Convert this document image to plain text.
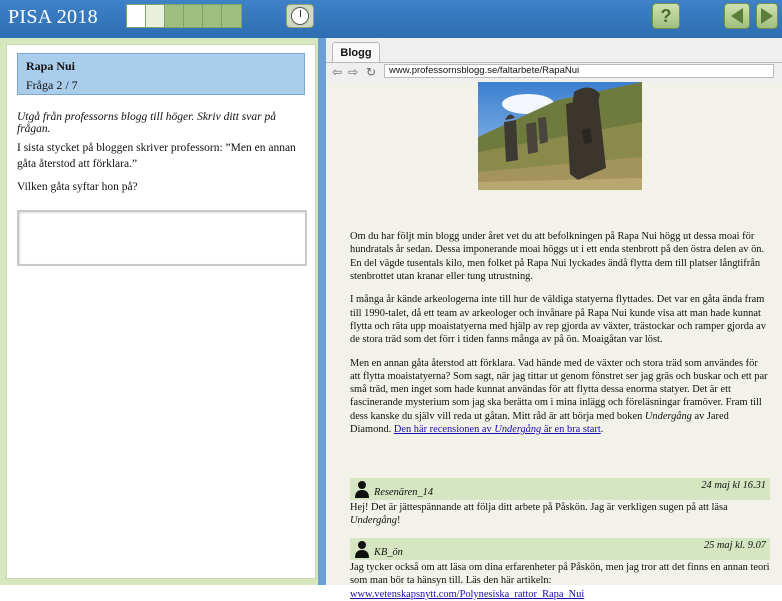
PISA 2018	?
Rapa Nui
Fråga 2 / 7
Utgå från professorns blogg till höger. Skriv ditt svar på frågan.
I sista stycket på bloggen skriver professorn: ”Men en annan gåta återstod att förklara.”
Vilken gåta syftar hon på?
Blogg
⇦ ⇨ ↻	www.professornsblogg.se/faltarbete/RapaNui

Om du har följt min blogg under året vet du att befolkningen på Rapa Nui högg ut dessa moai för hundratals år sedan. Dessa imponerande moai höggs ut i ett enda stenbrott på den östra delen av ön. En del vägde tusentals kilo, men folket på Rapa Nui lyckades ändå flytta dem till platser långtifrån stenbrottet utan kranar eller tung utrustning.

I många år kände arkeologerna inte till hur de väldiga statyerna flyttades. Det var en gåta ända fram till 1990-talet, då ett team av arkeologer och invånare på Rapa Nui kunde visa att man hade kunnat flytta och räta upp moaistatyerna med hjälp av rep gjorda av växter, trästockar och ramper gjorda av de stora träd som det förr i tiden fanns många av på ön. Moaigåtan var löst.

Men en annan gåta återstod att förklara. Vad hände med de växter och stora träd som användes för att flytta moaistatyerna? Som sagt, när jag tittar ut genom fönstret ser jag gräs och buskar och ett par små träd, men inget som hade kunnat användas för att flytta dessa enorma statyer. Det är ett fascinerande mysterium som jag ska berätta om i mina inlägg och föreläsningar framöver. Fram till dess kanske du själv vill reda ut gåtan. Mitt råd är att börja med boken Undergång av Jared Diamond. Den här recensionen av Undergång är en bra start.

Resenären_14
24 maj kl 16.31
Hej! Det är jättespännande att följa ditt arbete på Påskön. Jag är verkligen sugen på att läsa Undergång!
KB_ön
25 maj kl. 9.07
Jag tycker också om att läsa om dina erfarenheter på Påskön, men jag tror att det finns en annan teori som man bör ta hänsyn till. Läs den här artikeln:
www.vetenskapsnytt.com/Polynesiska_rattor_Rapa_Nui
